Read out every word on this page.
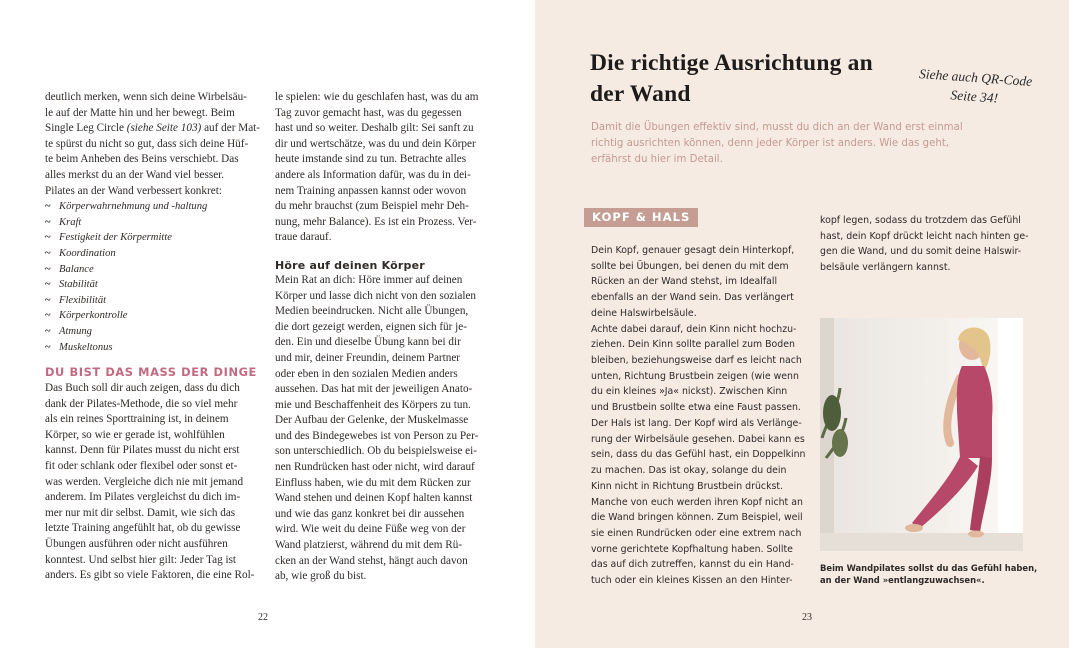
deutlich merken, wenn sich deine Wirbelsäu-
le auf der Matte hin und her bewegt. Beim
Single Leg Circle (siehe Seite 103) auf der Mat-
te spürst du nicht so gut, dass sich deine Hüf-
te beim Anheben des Beins verschiebt. Das
alles merkst du an der Wand viel besser.
Pilates an der Wand verbessert konkret:
~ Körperwahrnehmung und -haltung
~ Kraft
~ Festigkeit der Körpermitte
~ Koordination
~ Balance
~ Stabilität
~ Flexibilität
~ Körperkontrolle
~ Atmung
~ Muskeltonus
DU BIST DAS MASS DER DINGE
Das Buch soll dir auch zeigen, dass du dich
dank der Pilates-Methode, die so viel mehr
als ein reines Sporttraining ist, in deinem
Körper, so wie er gerade ist, wohlfühlen
kannst. Denn für Pilates musst du nicht erst
fit oder schlank oder flexibel oder sonst et-
was werden. Vergleiche dich nie mit jemand
anderem. Im Pilates vergleichst du dich im-
mer nur mit dir selbst. Damit, wie sich das
letzte Training angefühlt hat, ob du gewisse
Übungen ausführen oder nicht ausführen
konntest. Und selbst hier gilt: Jeder Tag ist
anders. Es gibt so viele Faktoren, die eine Rol-
le spielen: wie du geschlafen hast, was du am
Tag zuvor gemacht hast, was du gegessen
hast und so weiter. Deshalb gilt: Sei sanft zu
dir und wertschätze, was du und dein Körper
heute imstande sind zu tun. Betrachte alles
andere als Information dafür, was du in dei-
nem Training anpassen kannst oder wovon
du mehr brauchst (zum Beispiel mehr Deh-
nung, mehr Balance). Es ist ein Prozess. Ver-
traue darauf.
Höre auf deinen Körper
Mein Rat an dich: Höre immer auf deinen
Körper und lasse dich nicht von den sozialen
Medien beeindrucken. Nicht alle Übungen,
die dort gezeigt werden, eignen sich für je-
den. Ein und dieselbe Übung kann bei dir
und mir, deiner Freundin, deinem Partner
oder eben in den sozialen Medien anders
aussehen. Das hat mit der jeweiligen Anato-
mie und Beschaffenheit des Körpers zu tun.
Der Aufbau der Gelenke, der Muskelmasse
und des Bindegewebes ist von Person zu Per-
son unterschiedlich. Ob du beispielsweise ei-
nen Rundrücken hast oder nicht, wird darauf
Einfluss haben, wie du mit dem Rücken zur
Wand stehen und deinen Kopf halten kannst
und wie das ganz konkret bei dir aussehen
wird. Wie weit du deine Füße weg von der
Wand platzierst, während du mit dem Rü-
cken an der Wand stehst, hängt auch davon
ab, wie groß du bist.
22
Die richtige Ausrichtung an der Wand
Siehe auch QR-Code Seite 34!
Damit die Übungen effektiv sind, musst du dich an der Wand erst einmal
richtig ausrichten können, denn jeder Körper ist anders. Wie das geht,
erfährst du hier im Detail.
KOPF & HALS
Dein Kopf, genauer gesagt dein Hinterkopf,
sollte bei Übungen, bei denen du mit dem
Rücken an der Wand stehst, im Idealfall
ebenfalls an der Wand sein. Das verlängert
deine Halswirbelsäule.
Achte dabei darauf, dein Kinn nicht hochzu-
ziehen. Dein Kinn sollte parallel zum Boden
bleiben, beziehungsweise darf es leicht nach
unten, Richtung Brustbein zeigen (wie wenn
du ein kleines »Ja« nickst). Zwischen Kinn
und Brustbein sollte etwa eine Faust passen.
Der Hals ist lang. Der Kopf wird als Verlänge-
rung der Wirbelsäule gesehen. Dabei kann es
sein, dass du das Gefühl hast, ein Doppelkinn
zu machen. Das ist okay, solange du dein
Kinn nicht in Richtung Brustbein drückst.
Manche von euch werden ihren Kopf nicht an
die Wand bringen können. Zum Beispiel, weil
sie einen Rundrücken oder eine extrem nach
vorne gerichtete Kopfhaltung haben. Sollte
das auf dich zutreffen, kannst du ein Hand-
tuch oder ein kleines Kissen an den Hinter-
kopf legen, sodass du trotzdem das Gefühl
hast, dein Kopf drückt leicht nach hinten ge-
gen die Wand, und du somit deine Halswir-
belsäule verlängern kannst.
Beim Wandpilates sollst du das Gefühl haben,
an der Wand »entlangzuwachsen«.
23
